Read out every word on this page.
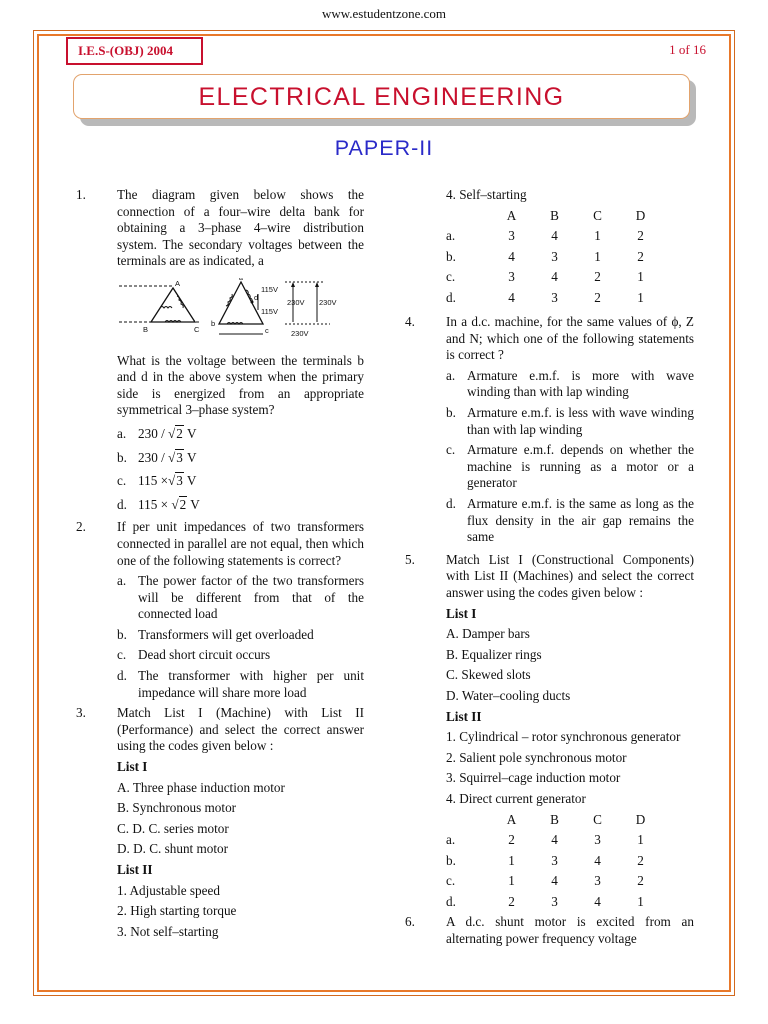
www.estudentzone.com
I.E.S-(OBJ) 2004	1 of 16
ELECTRICAL ENGINEERING
PAPER-II
1. The diagram given below shows the connection of a four–wire delta bank for obtaining a 3–phase 4–wire distribution system. The secondary voltages between the terminals are as indicated, a
A
B	C
a
b
c
d
115V
115V
230V 230V
230V
What is the voltage between the terminals b and d in the above system when the primary side is energized from an appropriate symmetrical 3–phase system?
a. 230 / √2 V
b. 230 / √3 V
c. 115 ×√3 V
d. 115 × √2 V
2. If per unit impedances of two transformers connected in parallel are not equal, then which one of the following statements is correct?
a. The power factor of the two transformers will be different from that of the connected load
b. Transformers will get overloaded
c. Dead short circuit occurs
d. The transformer with higher per unit impedance will share more load
3. Match List I (Machine) with List II (Performance) and select the correct answer using the codes given below :
List I
A. Three phase induction motor
B. Synchronous motor
C. D. C. series motor
D. D. C. shunt motor
List II
1. Adjustable speed
2. High starting torque
3. Not self–starting
4. Self–starting
A	B	C	D
a.	3	4	1	2
b.	4	3	1	2
c.	3	4	2	1
d.	4	3	2	1
4. In a d.c. machine, for the same values of ϕ, Z and N; which one of the following statements is correct ?
a. Armature e.m.f. is more with wave winding than with lap winding
b. Armature e.m.f. is less with wave winding than with lap winding
c. Armature e.m.f. depends on whether the machine is running as a motor or a generator
d. Armature e.m.f. is the same as long as the flux density in the air gap remains the same
5. Match List I (Constructional Components) with List II (Machines) and select the correct answer using the codes given below :
List I
A. Damper bars
B. Equalizer rings
C. Skewed slots
D. Water–cooling ducts
List II
1. Cylindrical – rotor synchronous generator
2. Salient pole synchronous motor
3. Squirrel–cage induction motor
4. Direct current generator
A	B	C	D
a.	2	4	3	1
b.	1	3	4	2
c.	1	4	3	2
d.	2	3	4	1
6. A d.c. shunt motor is excited from an alternating power frequency voltage
